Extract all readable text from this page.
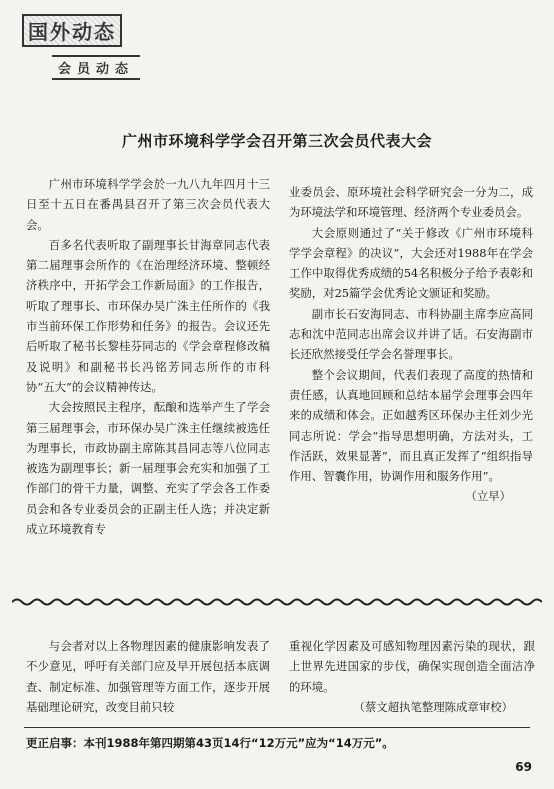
国外动态
会员动态
广州市环境科学学会召开第三次会员代表大会

广州市环境科学学会於一九八九年四月十三日至十五日在番禺县召开了第三次会员代表大会。

百多名代表听取了副理事长甘海章同志代表第二届理事会所作的《在治理经济环境、整顿经济秩序中，开拓学会工作新局面》的工作报告，听取了理事长、市环保办吴广洙主任所作的《我市当前环保工作形势和任务》的报告。会议还先后听取了秘书长黎桂芬同志的《学会章程修改稿及说明》和副秘书长冯铭芳同志所作的市科协“五大”的会议精神传达。

大会按照民主程序，酝酿和选举产生了学会第三届理事会，市环保办吴广洙主任继续被选任为理事长，市政协副主席陈其昌同志等八位同志被选为副理事长；新一届理事会充实和加强了工作部门的骨干力量，调整、充实了学会各工作委员会和各专业委员会的正副主任人选；并决定新成立环境教育专

业委员会、原环境社会科学研究会一分为二，成为环境法学和环境管理、经济两个专业委员会。

大会原则通过了“关于修改《广州市环境科学学会章程》的决议”，大会还对1988年在学会工作中取得优秀成绩的54名积极分子给予表彰和奖励，对25篇学会优秀论文颁证和奖励。

副市长石安海同志、市科协副主席李应高同志和沈中范同志出席会议并讲了话。石安海副市长还欣然接受任学会名誉理事长。

整个会议期间，代表们表现了高度的热情和责任感，认真地回顾和总结本届学会理事会四年来的成绩和体会。正如越秀区环保办主任刘少光同志所说：学会“指导思想明确，方法对头，工作活跃，效果显著”，而且真正发挥了“组织指导作用、智囊作用，协调作用和服务作用”。

（立早）

与会者对以上各物理因素的健康影响发表了不少意见，呼吁有关部门应及早开展包括本底调查、制定标准、加强管理等方面工作，逐步开展基础理论研究，改变目前只较

重视化学因素及可感知物理因素污染的现状，跟上世界先进国家的步伐，确保实现创造全面洁净的环境。

（蔡文超执笔整理陈成章审校）

更正启事：本刊1988年第四期第43页14行“12万元”应为“14万元”。
69
